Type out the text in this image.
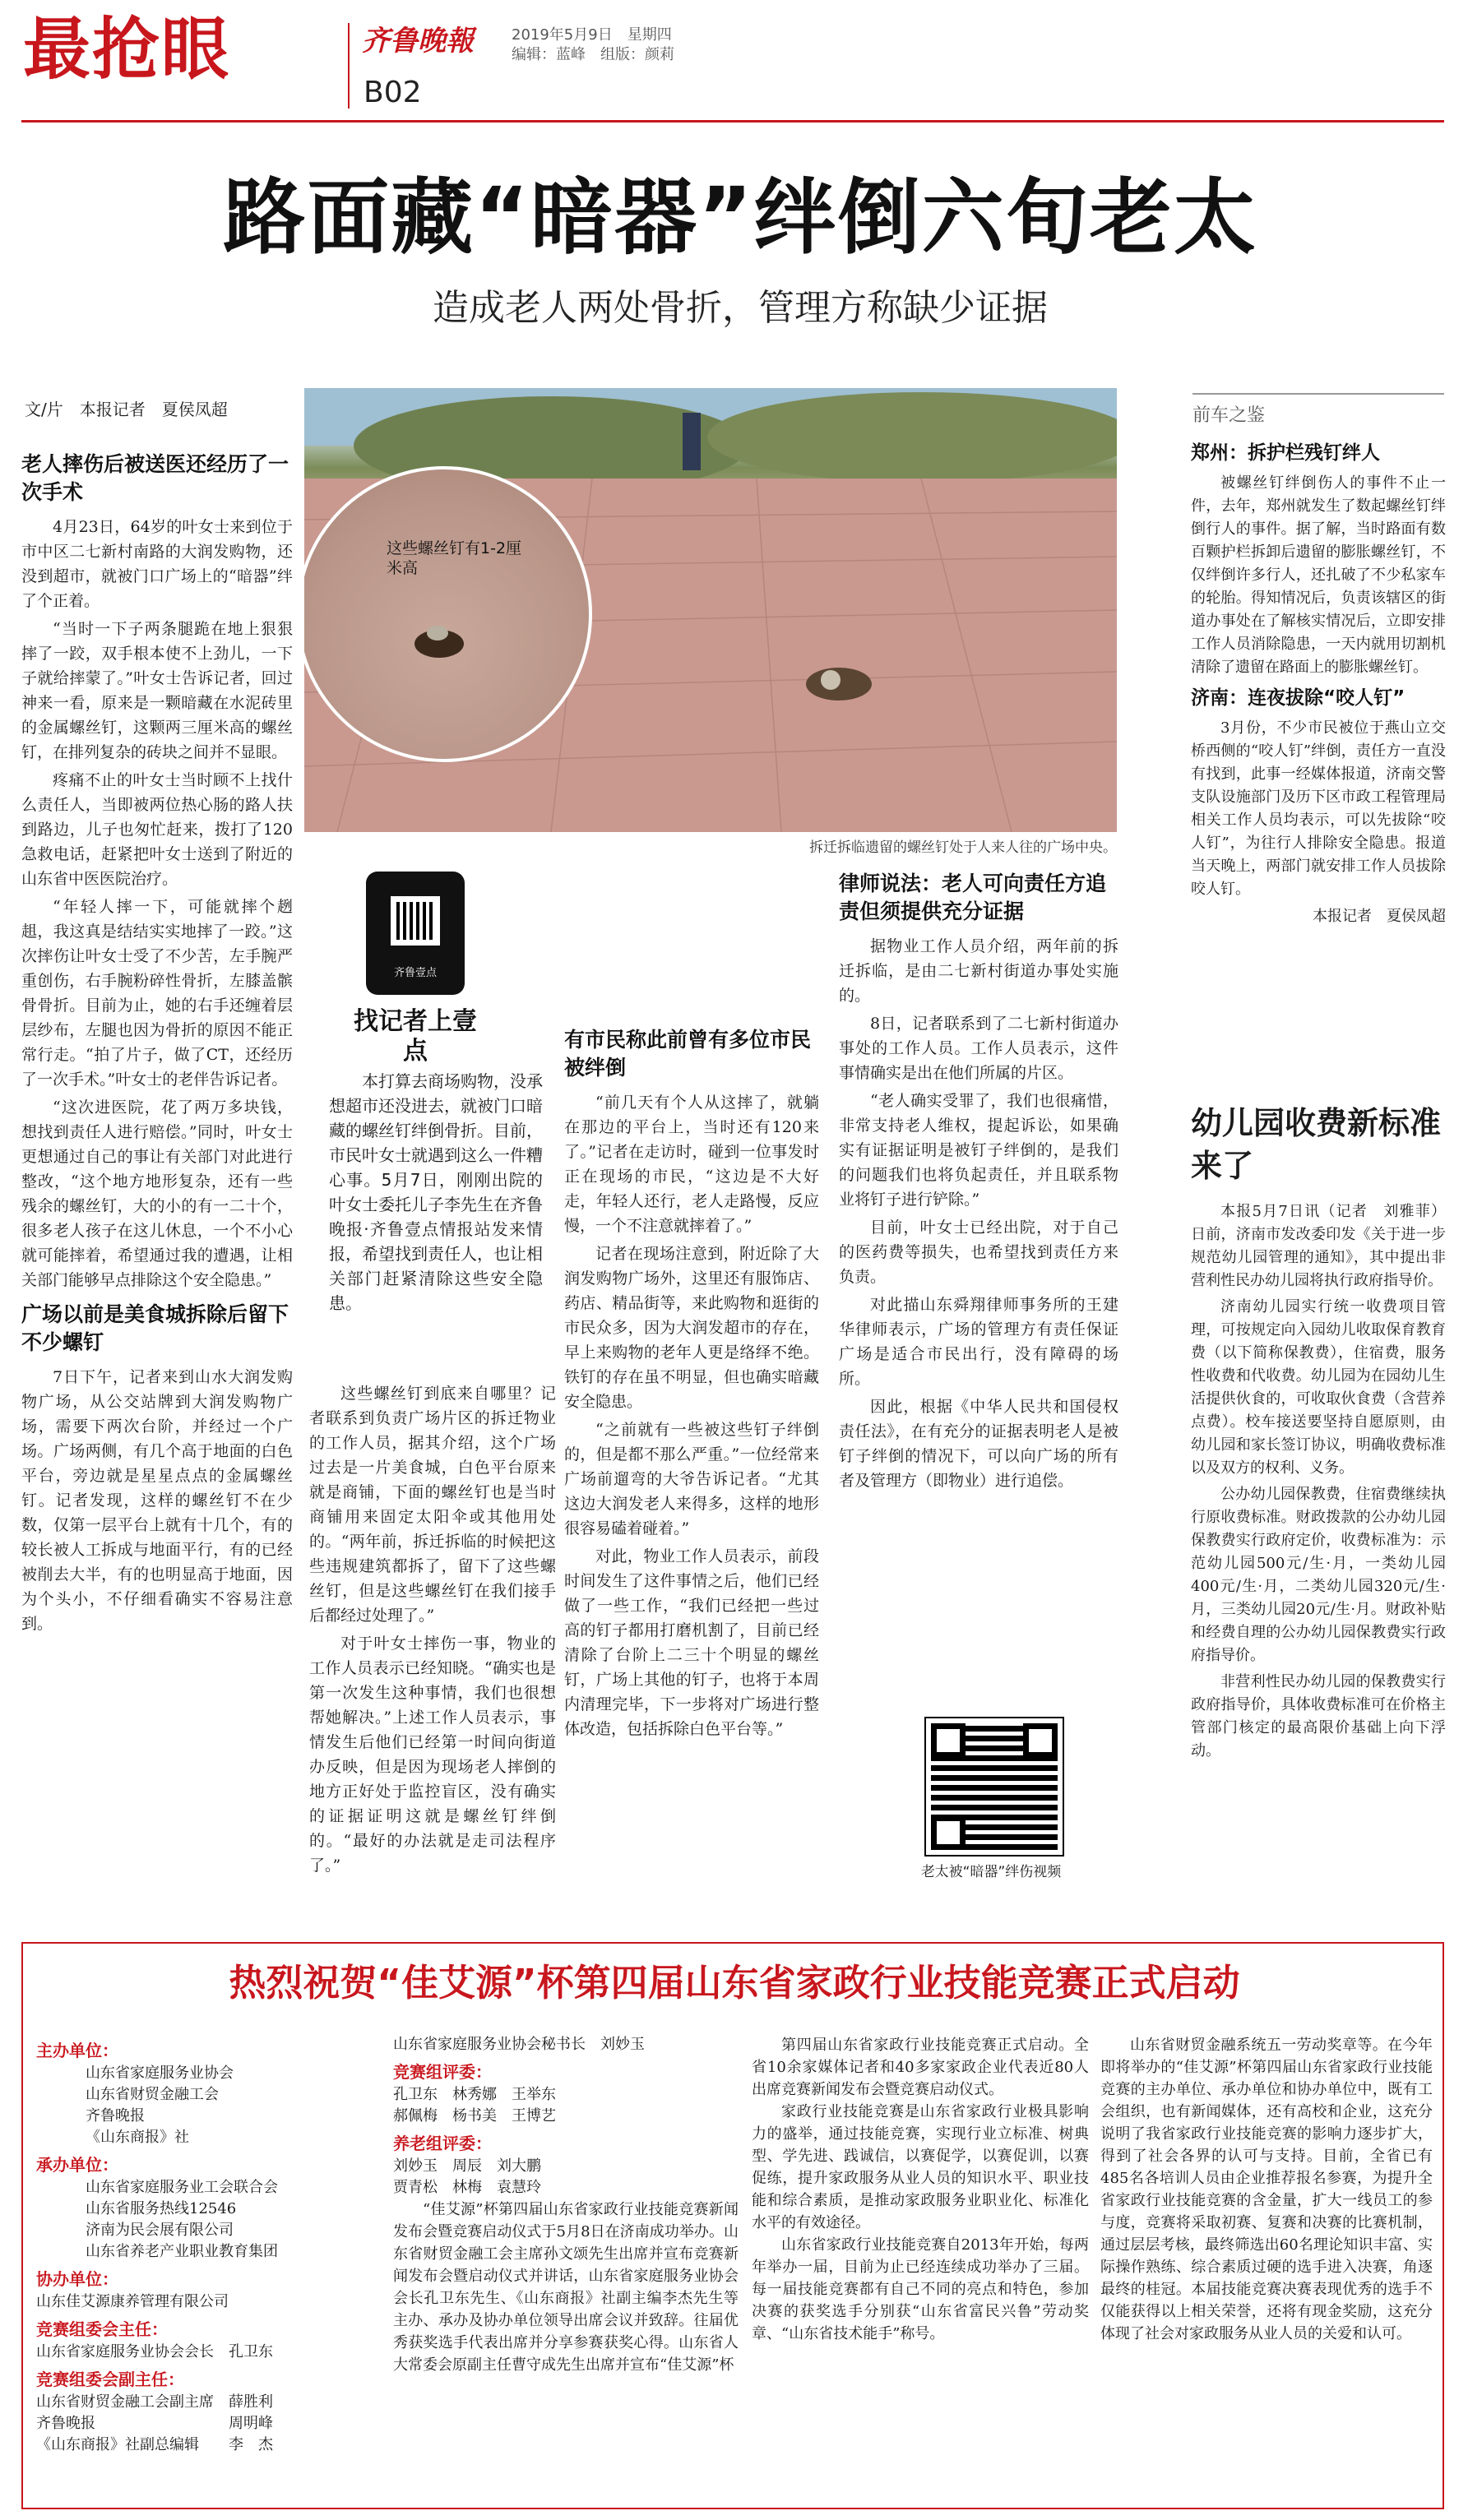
最抢眼	齐鲁晚報	2019年5月9日　星期四
编辑：蓝峰　组版：颜莉
B02
路面藏“暗器”绊倒六旬老太
造成老人两处骨折，管理方称缺少证据
文/片　本报记者　夏侯凤超
这些螺丝钉有1-2厘米高
拆迁拆临遗留的螺丝钉处于人来人往的广场中央。
老人摔伤后被送医还经历了一次手术

4月23日，64岁的叶女士来到位于市中区二七新村南路的大润发购物，还没到超市，就被门口广场上的“暗器”绊了个正着。

“当时一下子两条腿跪在地上狠狠摔了一跤，双手根本使不上劲儿，一下子就给摔蒙了。”叶女士告诉记者，回过神来一看，原来是一颗暗藏在水泥砖里的金属螺丝钉，这颗两三厘米高的螺丝钉，在排列复杂的砖块之间并不显眼。

疼痛不止的叶女士当时顾不上找什么责任人，当即被两位热心肠的路人扶到路边，儿子也匆忙赶来，拨打了120急救电话，赶紧把叶女士送到了附近的山东省中医医院治疗。

“年轻人摔一下，可能就摔个趔趄，我这真是结结实实地摔了一跤。”这次摔伤让叶女士受了不少苦，左手腕严重创伤，右手腕粉碎性骨折，左膝盖髌骨骨折。目前为止，她的右手还缠着层层纱布，左腿也因为骨折的原因不能正常行走。“拍了片子，做了CT，还经历了一次手术。”叶女士的老伴告诉记者。

“这次进医院，花了两万多块钱，想找到责任人进行赔偿。”同时，叶女士更想通过自己的事让有关部门对此进行整改，“这个地方地形复杂，还有一些残余的螺丝钉，大的小的有一二十个，很多老人孩子在这儿休息，一个不小心就可能摔着，希望通过我的遭遇，让相关部门能够早点排除这个安全隐患。”

广场以前是美食城拆除后留下不少螺钉

7日下午，记者来到山水大润发购物广场，从公交站牌到大润发购物广场，需要下两次台阶，并经过一个广场。广场两侧，有几个高于地面的白色平台，旁边就是星星点点的金属螺丝钉。记者发现，这样的螺丝钉不在少数，仅第一层平台上就有十几个，有的较长被人工拆成与地面平行，有的已经被削去大半，有的也明显高于地面，因为个头小，不仔细看确实不容易注意到。

找记者上壹点
齐鲁壹点

本打算去商场购物，没承想超市还没进去，就被门口暗藏的螺丝钉绊倒骨折。目前，市民叶女士就遇到这么一件糟心事。5月7日，刚刚出院的叶女士委托儿子李先生在齐鲁晚报·齐鲁壹点情报站发来情报，希望找到责任人，也让相关部门赶紧清除这些安全隐患。

这些螺丝钉到底来自哪里？记者联系到负责广场片区的拆迁物业的工作人员，据其介绍，这个广场过去是一片美食城，白色平台原来就是商铺，下面的螺丝钉也是当时商铺用来固定太阳伞或其他用处的。“两年前，拆迁拆临的时候把这些违规建筑都拆了，留下了这些螺丝钉，但是这些螺丝钉在我们接手后都经过处理了。”

对于叶女士摔伤一事，物业的工作人员表示已经知晓。“确实也是第一次发生这种事情，我们也很想帮她解决。”上述工作人员表示，事情发生后他们已经第一时间向街道办反映，但是因为现场老人摔倒的地方正好处于监控盲区，没有确实的证据证明这就是螺丝钉绊倒的。“最好的办法就是走司法程序了。”

有市民称此前曾有多位市民被绊倒

“前几天有个人从这摔了，就躺在那边的平台上，当时还有120来了。”记者在走访时，碰到一位事发时正在现场的市民，“这边是不大好走，年轻人还行，老人走路慢，反应慢，一个不注意就摔着了。”

记者在现场注意到，附近除了大润发购物广场外，这里还有服饰店、药店、精品街等，来此购物和逛街的市民众多，因为大润发超市的存在，早上来购物的老年人更是络绎不绝。铁钉的存在虽不明显，但也确实暗藏安全隐患。

“之前就有一些被这些钉子绊倒的，但是都不那么严重。”一位经常来广场前遛弯的大爷告诉记者。“尤其这边大润发老人来得多，这样的地形很容易磕着碰着。”

对此，物业工作人员表示，前段时间发生了这件事情之后，他们已经做了一些工作，“我们已经把一些过高的钉子都用打磨机割了，目前已经清除了台阶上二三十个明显的螺丝钉，广场上其他的钉子，也将于本周内清理完毕，下一步将对广场进行整体改造，包括拆除白色平台等。”

律师说法：老人可向责任方追责但须提供充分证据

据物业工作人员介绍，两年前的拆迁拆临，是由二七新村街道办事处实施的。

8日，记者联系到了二七新村街道办事处的工作人员。工作人员表示，这件事情确实是出在他们所属的片区。

“老人确实受罪了，我们也很痛惜，非常支持老人维权，提起诉讼，如果确实有证据证明是被钉子绊倒的，是我们的问题我们也将负起责任，并且联系物业将钉子进行铲除。”

目前，叶女士已经出院，对于自己的医药费等损失，也希望找到责任方来负责。

对此描山东舜翔律师事务所的王建华律师表示，广场的管理方有责任保证广场是适合市民出行，没有障碍的场所。

因此，根据《中华人民共和国侵权责任法》，在有充分的证据表明老人是被钉子绊倒的情况下，可以向广场的所有者及管理方（即物业）进行追偿。

老太被“暗器”绊伤视频
前车之鉴
郑州：拆护栏残钉绊人

被螺丝钉绊倒伤人的事件不止一件，去年，郑州就发生了数起螺丝钉绊倒行人的事件。据了解，当时路面有数百颗护栏拆卸后遗留的膨胀螺丝钉，不仅绊倒许多行人，还扎破了不少私家车的轮胎。得知情况后，负责该辖区的街道办事处在了解核实情况后，立即安排工作人员消除隐患，一天内就用切割机清除了遗留在路面上的膨胀螺丝钉。

济南：连夜拔除“咬人钉”

3月份，不少市民被位于燕山立交桥西侧的“咬人钉”绊倒，责任方一直没有找到，此事一经媒体报道，济南交警支队设施部门及历下区市政工程管理局相关工作人员均表示，可以先拔除“咬人钉”，为往行人排除安全隐患。报道当天晚上，两部门就安排工作人员拔除咬人钉。

本报记者　夏侯凤超

幼儿园收费新标准来了

本报5月7日讯（记者　刘雅菲）日前，济南市发改委印发《关于进一步规范幼儿园管理的通知》，其中提出非营利性民办幼儿园将执行政府指导价。

济南幼儿园实行统一收费项目管理，可按规定向入园幼儿收取保育教育费（以下简称保教费），住宿费，服务性收费和代收费。幼儿园为在园幼儿生活提供伙食的，可收取伙食费（含营养点费）。校车接送要坚持自愿原则，由幼儿园和家长签订协议，明确收费标准以及双方的权利、义务。

公办幼儿园保教费，住宿费继续执行原收费标准。财政拨款的公办幼儿园保教费实行政府定价，收费标准为：示范幼儿园500元/生·月，一类幼儿园400元/生·月，二类幼儿园320元/生·月，三类幼儿园20元/生·月。财政补贴和经费自理的公办幼儿园保教费实行政府指导价。

非营利性民办幼儿园的保教费实行政府指导价，具体收费标准可在价格主管部门核定的最高限价基础上向下浮动。

热烈祝贺“佳艾源”杯第四届山东省家政行业技能竞赛正式启动
主办单位：

山东省家庭服务业协会

山东省财贸金融工会

齐鲁晚报

《山东商报》社

承办单位：

山东省家庭服务业工会联合会

山东省服务热线12546

济南为民会展有限公司

山东省养老产业职业教育集团

协办单位：

山东佳艾源康养管理有限公司

竞赛组委会主任：

山东省家庭服务业协会会长　孔卫东

竞赛组委会副主任：

山东省财贸金融工会副主席　薛胜利

齐鲁晚报　　　　　　　　　周明峰

《山东商报》社副总编辑　　李　杰

山东省家庭服务业协会秘书长　刘妙玉

竞赛组评委：

孔卫东　林秀娜　王举东

郝佩梅　杨书美　王博艺

养老组评委：

刘妙玉　周辰　刘大鹏

贾青松　林梅　袁慧玲

“佳艾源”杯第四届山东省家政行业技能竞赛新闻发布会暨竞赛启动仪式于5月8日在济南成功举办。山东省财贸金融工会主席孙文颂先生出席并宣布竞赛新闻发布会暨启动仪式并讲话，山东省家庭服务业协会会长孔卫东先生、《山东商报》社副主编李杰先生等主办、承办及协办单位领导出席会议并致辞。往届优秀获奖选手代表出席并分享参赛获奖心得。山东省人大常委会原副主任曹守成先生出席并宣布“佳艾源”杯

第四届山东省家政行业技能竞赛正式启动。全省10余家媒体记者和40多家家政企业代表近80人出席竞赛新闻发布会暨竞赛启动仪式。

家政行业技能竞赛是山东省家政行业极具影响力的盛举，通过技能竞赛，实现行业立标准、树典型、学先进、践诚信，以赛促学，以赛促训，以赛促练，提升家政服务从业人员的知识水平、职业技能和综合素质，是推动家政服务业职业化、标准化水平的有效途径。

山东省家政行业技能竞赛自2013年开始，每两年举办一届，目前为止已经连续成功举办了三届。每一届技能竞赛都有自己不同的亮点和特色，参加决赛的获奖选手分别获“山东省富民兴鲁”劳动奖章、“山东省技术能手”称号。

山东省财贸金融系统五一劳动奖章等。在今年即将举办的“佳艾源”杯第四届山东省家政行业技能竞赛的主办单位、承办单位和协办单位中，既有工会组织，也有新闻媒体，还有高校和企业，这充分说明了我省家政行业技能竞赛的影响力逐步扩大，得到了社会各界的认可与支持。目前，全省已有485名各培训人员由企业推荐报名参赛，为提升全省家政行业技能竞赛的含金量，扩大一线员工的参与度，竞赛将采取初赛、复赛和决赛的比赛机制，通过层层考核，最终筛选出60名理论知识丰富、实际操作熟练、综合素质过硬的选手进入决赛，角逐最终的桂冠。本届技能竞赛决赛表现优秀的选手不仅能获得以上相关荣誉，还将有现金奖励，这充分体现了社会对家政服务从业人员的关爱和认可。
